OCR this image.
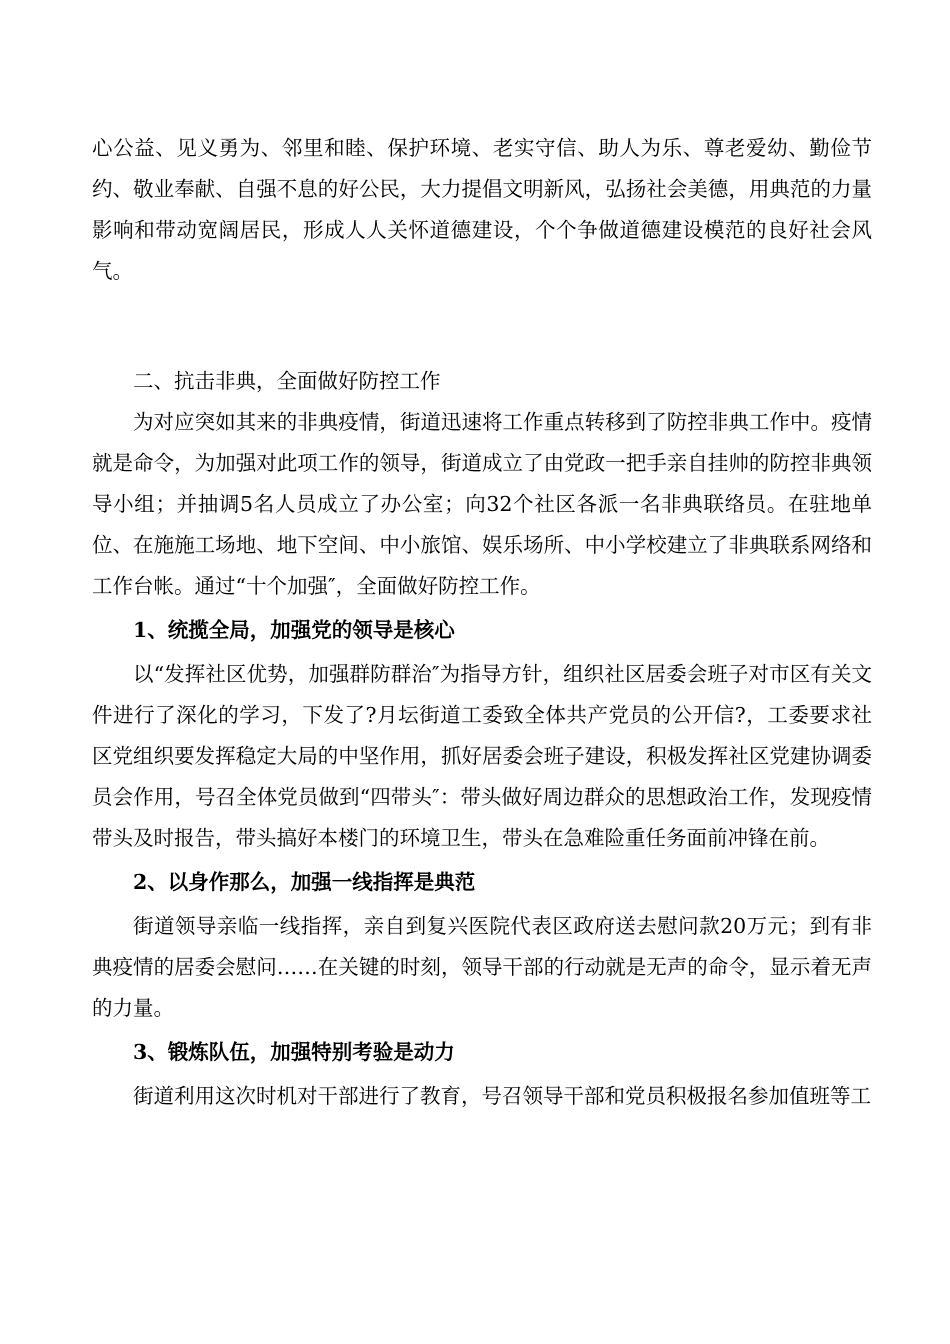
心公益、见义勇为、邻里和睦、保护环境、老实守信、助人为乐、尊老爱幼、勤俭节约、敬业奉献、自强不息的好公民，大力提倡文明新风，弘扬社会美德，用典范的力量影响和带动宽阔居民，形成人人关怀道德建设，个个争做道德建设模范的良好社会风气。

二、抗击非典，全面做好防控工作

为对应突如其来的非典疫情，街道迅速将工作重点转移到了防控非典工作中。疫情就是命令，为加强对此项工作的领导，街道成立了由党政一把手亲自挂帅的防控非典领导小组；并抽调5名人员成立了办公室；向32个社区各派一名非典联络员。在驻地单位、在施施工场地、地下空间、中小旅馆、娱乐场所、中小学校建立了非典联系网络和工作台帐。通过“十个加强″，全面做好防控工作。

1、统揽全局，加强党的领导是核心

以“发挥社区优势，加强群防群治″为指导方针，组织社区居委会班子对市区有关文件进行了深化的学习，下发了?月坛街道工委致全体共产党员的公开信?，工委要求社区党组织要发挥稳定大局的中坚作用，抓好居委会班子建设，积极发挥社区党建协调委员会作用，号召全体党员做到“四带头″：带头做好周边群众的思想政治工作，发现疫情带头及时报告，带头搞好本楼门的环境卫生，带头在急难险重任务面前冲锋在前。

2、以身作那么，加强一线指挥是典范

街道领导亲临一线指挥，亲自到复兴医院代表区政府送去慰问款20万元；到有非典疫情的居委会慰问……在关键的时刻，领导干部的行动就是无声的命令，显示着无声的力量。

3、锻炼队伍，加强特别考验是动力

街道利用这次时机对干部进行了教育，号召领导干部和党员积极报名参加值班等工
